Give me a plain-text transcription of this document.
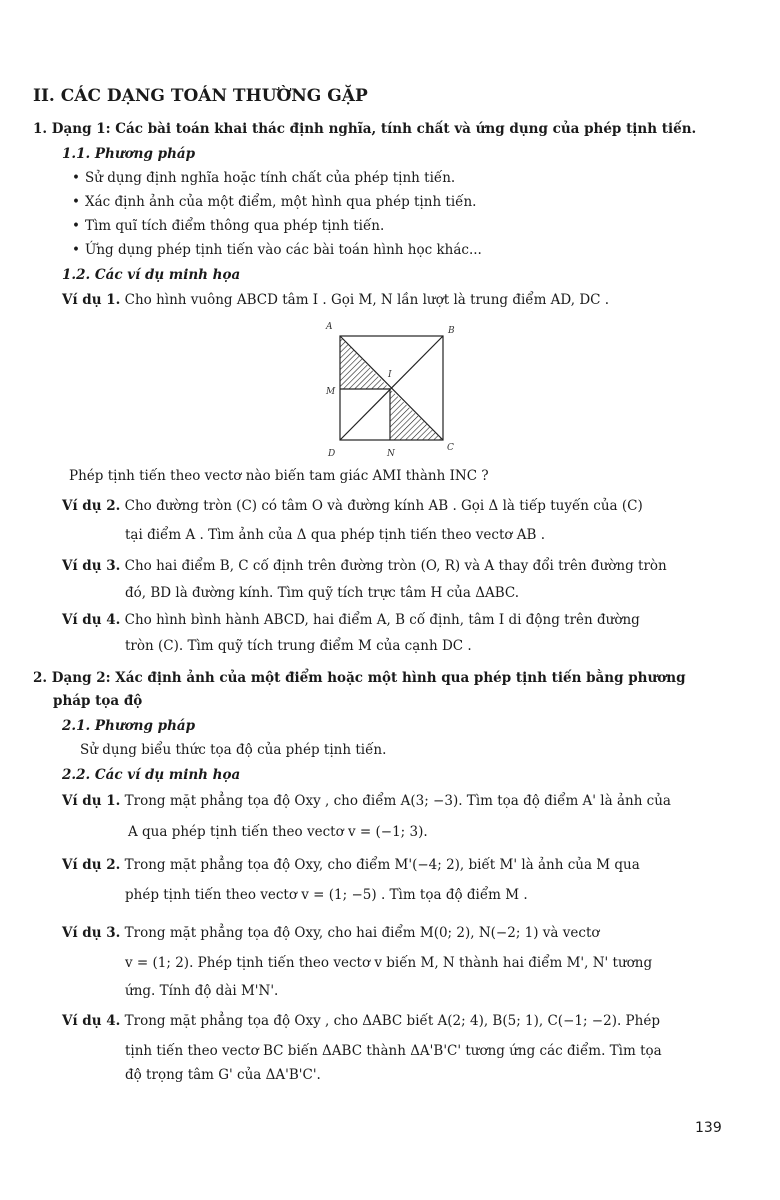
II. CÁC DẠNG TOÁN THƯỜNG GẶP
1. Dạng 1: Các bài toán khai thác định nghĩa, tính chất và ứng dụng của phép tịnh tiến.
1.1. Phương pháp
• Sử dụng định nghĩa hoặc tính chất của phép tịnh tiến.
• Xác định ảnh của một điểm, một hình qua phép tịnh tiến.
• Tìm quĩ tích điểm thông qua phép tịnh tiến.
• Ứng dụng phép tịnh tiến vào các bài toán hình học khác...
1.2. Các ví dụ minh họa
Ví dụ 1. Cho hình vuông ABCD tâm I . Gọi M, N lần lượt là trung điểm AD, DC .
A	B
C
D
I
M
N
Phép tịnh tiến theo vectơ nào biến tam giác AMI thành INC ?
Ví dụ 2. Cho đường tròn (C) có tâm O và đường kính AB . Gọi Δ là tiếp tuyến của (C)
tại điểm A . Tìm ảnh của Δ qua phép tịnh tiến theo vectơ AB .
Ví dụ 3. Cho hai điểm B, C cố định trên đường tròn (O, R) và A thay đổi trên đường tròn
đó, BD là đường kính. Tìm quỹ tích trực tâm H của ΔABC.
Ví dụ 4. Cho hình bình hành ABCD, hai điểm A, B cố định, tâm I di động trên đường
tròn (C). Tìm quỹ tích trung điểm M của cạnh DC .
2. Dạng 2: Xác định ảnh của một điểm hoặc một hình qua phép tịnh tiến bằng phương
pháp tọa độ
2.1. Phương pháp
Sử dụng biểu thức tọa độ của phép tịnh tiến.
2.2. Các ví dụ minh họa
Ví dụ 1. Trong mặt phẳng tọa độ Oxy , cho điểm A(3; −3). Tìm tọa độ điểm A' là ảnh của
A qua phép tịnh tiến theo vectơ v = (−1; 3).
Ví dụ 2. Trong mặt phẳng tọa độ Oxy, cho điểm M'(−4; 2), biết M' là ảnh của M qua
phép tịnh tiến theo vectơ v = (1; −5) . Tìm tọa độ điểm M .
Ví dụ 3. Trong mặt phẳng tọa độ Oxy, cho hai điểm M(0; 2), N(−2; 1) và vectơ
v = (1; 2). Phép tịnh tiến theo vectơ v biến M, N thành hai điểm M', N' tương
ứng. Tính độ dài M'N'.
Ví dụ 4. Trong mặt phẳng tọa độ Oxy , cho ΔABC biết A(2; 4), B(5; 1), C(−1; −2). Phép
tịnh tiến theo vectơ BC biến ΔABC thành ΔA'B'C' tương ứng các điểm. Tìm tọa
độ trọng tâm G' của ΔA'B'C'.
139
